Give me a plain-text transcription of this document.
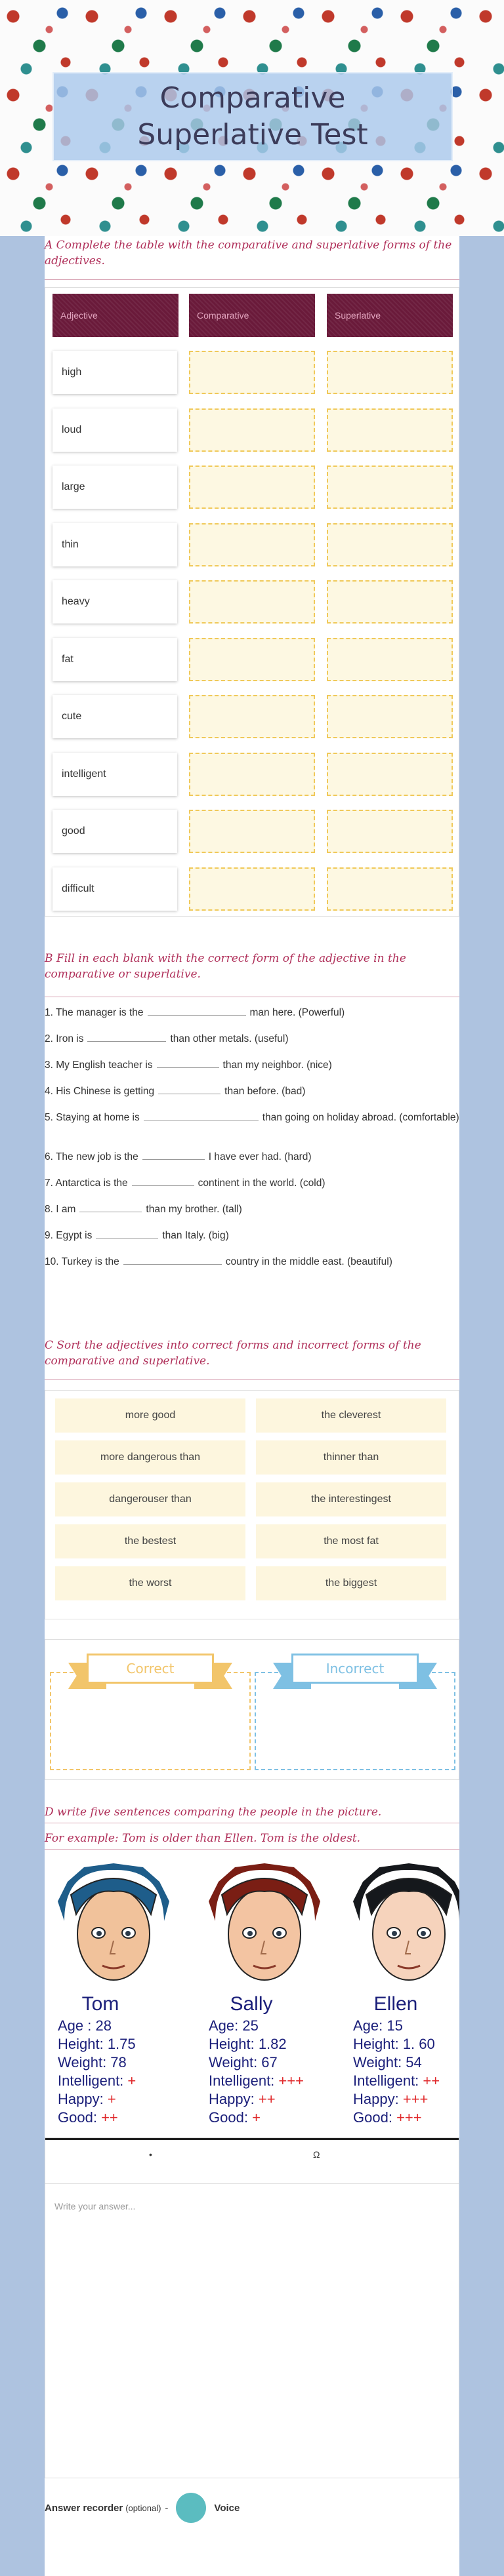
Comparative Superlative Test
A Complete the table with the comparative and superlative forms of the adjectives.
B Fill in each blank with the correct form of the adjective in the comparative or superlative.
C Sort the adjectives into correct forms and incorrect forms of the comparative and superlative.
Correct	Incorrect
D write five sentences comparing the people in the picture.
For example: Tom is older than Ellen. Tom is the oldest.
Tom
Age : 28
Height: 1.75
Weight: 78
Intelligent: +
Happy: +
Good: ++
Sally
Age: 25
Height: 1.82
Weight: 67
Intelligent: +++
Happy: ++
Good: +
Ellen
Age: 15
Height: 1. 60
Weight: 54
Intelligent: ++
Happy: +++
Good: +++
•	Ω
Write your answer...
Answer recorder (optional) -	Voice
Adjective	Comparative	Superlative
high
loud
large
thin
heavy
fat
cute
intelligent
good
difficult
1. The manager is the	man here. (Powerful)
2. Iron is	than other metals. (useful)
3. My English teacher is	than my neighbor. (nice)
4. His Chinese is getting	than before. (bad)
5. Staying at home is	than going on holiday abroad. (comfortable)
6. The new job is the	I have ever had. (hard)
7. Antarctica is the	continent in the world. (cold)
8. I am	than my brother. (tall)
9. Egypt is	than Italy. (big)
10. Turkey is the	country in the middle east. (beautiful)
more good	the cleverest
more dangerous than	thinner than
dangerouser than	the interestingest
the bestest	the most fat
the worst	the biggest
